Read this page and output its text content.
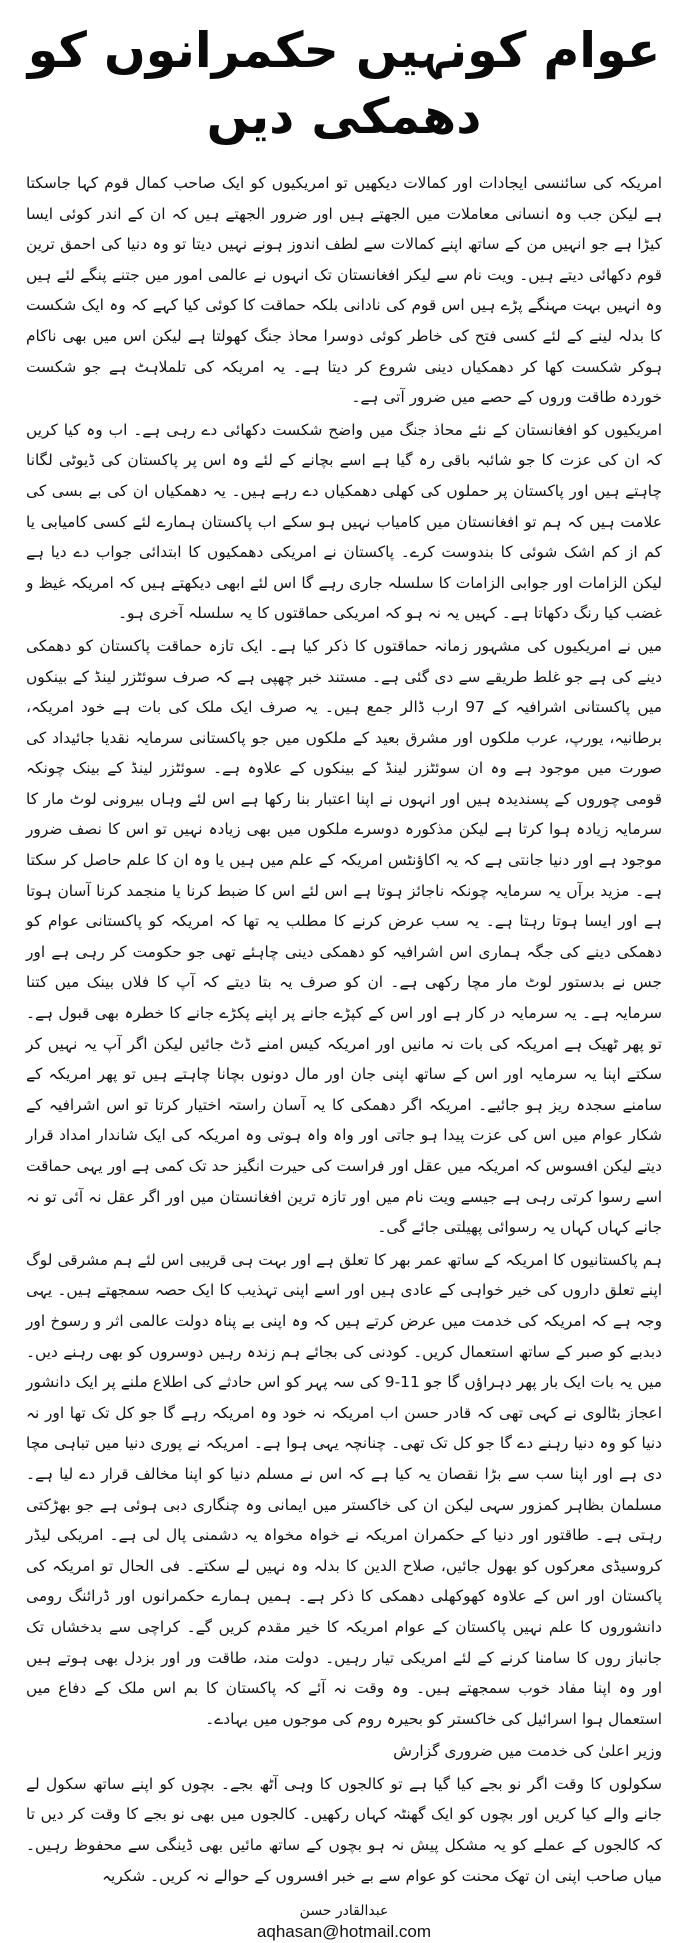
عوام کونہیں حکمرانوں کو دھمکی دیں

امریکہ کی سائنسی ایجادات اور کمالات دیکھیں تو امریکیوں کو ایک صاحب کمال قوم کہا جاسکتا ہے لیکن جب وہ انسانی معاملات میں الجھتے ہیں اور ضرور الجھتے ہیں کہ ان کے اندر کوئی ایسا کیڑا ہے جو انہیں من کے ساتھ اپنے کمالات سے لطف اندوز ہونے نہیں دیتا تو وہ دنیا کی احمق ترین قوم دکھائی دیتے ہیں۔ ویت نام سے لیکر افغانستان تک انہوں نے عالمی امور میں جتنے پنگے لئے ہیں وہ انہیں بہت مہنگے پڑے ہیں اس قوم کی نادانی بلکہ حماقت کا کوئی کیا کہے کہ وہ ایک شکست کا بدلہ لینے کے لئے کسی فتح کی خاطر کوئی دوسرا محاذ جنگ کھولتا ہے لیکن اس میں بھی ناکام ہوکر شکست کھا کر دھمکیاں دینی شروع کر دیتا ہے۔ یہ امریکہ کی تلملاہٹ ہے جو شکست خوردہ طاقت وروں کے حصے میں ضرور آتی ہے۔

امریکیوں کو افغانستان کے نئے محاذ جنگ میں واضح شکست دکھائی دے رہی ہے۔ اب وہ کیا کریں کہ ان کی عزت کا جو شائبہ باقی رہ گیا ہے اسے بچانے کے لئے وہ اس پر پاکستان کی ڈیوٹی لگانا چاہتے ہیں اور پاکستان پر حملوں کی کھلی دھمکیاں دے رہے ہیں۔ یہ دھمکیاں ان کی بے بسی کی علامت ہیں کہ ہم تو افغانستان میں کامیاب نہیں ہو سکے اب پاکستان ہمارے لئے کسی کامیابی یا کم از کم اشک شوئی کا بندوست کرے۔ پاکستان نے امریکی دھمکیوں کا ابتدائی جواب دے دیا ہے لیکن الزامات اور جوابی الزامات کا سلسلہ جاری رہے گا اس لئے ابھی دیکھتے ہیں کہ امریکہ غیظ و غضب کیا رنگ دکھاتا ہے۔ کہیں یہ نہ ہو کہ امریکی حماقتوں کا یہ سلسلہ آخری ہو۔

میں نے امریکیوں کی مشہور زمانہ حماقتوں کا ذکر کیا ہے۔ ایک تازہ حماقت پاکستان کو دھمکی دینے کی ہے جو غلط طریقے سے دی گئی ہے۔ مستند خبر چھپی ہے کہ صرف سوئٹزر لینڈ کے بینکوں میں پاکستانی اشرافیہ کے 97 ارب ڈالر جمع ہیں۔ یہ صرف ایک ملک کی بات ہے خود امریکہ، برطانیہ، یورپ، عرب ملکوں اور مشرق بعید کے ملکوں میں جو پاکستانی سرمایہ نقدیا جائیداد کی صورت میں موجود ہے وہ ان سوئٹزر لینڈ کے بینکوں کے علاوہ ہے۔ سوئٹزر لینڈ کے بینک چونکہ قومی چوروں کے پسندیدہ ہیں اور انہوں نے اپنا اعتبار بنا رکھا ہے اس لئے وہاں بیرونی لوٹ مار کا سرمایہ زیادہ ہوا کرتا ہے لیکن مذکورہ دوسرے ملکوں میں بھی زیادہ نہیں تو اس کا نصف ضرور موجود ہے اور دنیا جانتی ہے کہ یہ اکاؤنٹس امریکہ کے علم میں ہیں یا وہ ان کا علم حاصل کر سکتا ہے۔ مزید برآں یہ سرمایہ چونکہ ناجائز ہوتا ہے اس لئے اس کا ضبط کرنا یا منجمد کرنا آسان ہوتا ہے اور ایسا ہوتا رہتا ہے۔ یہ سب عرض کرنے کا مطلب یہ تھا کہ امریکہ کو پاکستانی عوام کو دھمکی دینے کی جگہ ہماری اس اشرافیہ کو دھمکی دینی چاہئے تھی جو حکومت کر رہی ہے اور جس نے بدستور لوٹ مار مچا رکھی ہے۔ ان کو صرف یہ بتا دیتے کہ آپ کا فلاں بینک میں کتنا سرمایہ ہے۔ یہ سرمایہ در کار ہے اور اس کے کپڑے جانے پر اپنے پکڑے جانے کا خطرہ بھی قبول ہے۔ تو پھر ٹھیک ہے امریکہ کی بات نہ مانیں اور امریکہ کیس امنے ڈٹ جائیں لیکن اگر آپ یہ نہیں کر سکتے اپنا یہ سرمایہ اور اس کے ساتھ اپنی جان اور مال دونوں بچانا چاہتے ہیں تو پھر امریکہ کے سامنے سجدہ ریز ہو جائیے۔ امریکہ اگر دھمکی کا یہ آسان راستہ اختیار کرتا تو اس اشرافیہ کے شکار عوام میں اس کی عزت پیدا ہو جاتی اور واہ واہ ہوتی وہ امریکہ کی ایک شاندار امداد قرار دیتے لیکن افسوس کہ امریکہ میں عقل اور فراست کی حیرت انگیز حد تک کمی ہے اور یہی حماقت اسے رسوا کرتی رہی ہے جیسے ویت نام میں اور تازہ ترین افغانستان میں اور اگر عقل نہ آئی تو نہ جانے کہاں کہاں یہ رسوائی پھیلتی جائے گی۔

ہم پاکستانیوں کا امریکہ کے ساتھ عمر بھر کا تعلق ہے اور بہت ہی قریبی اس لئے ہم مشرقی لوگ اپنے تعلق داروں کی خیر خواہی کے عادی ہیں اور اسے اپنی تہذیب کا ایک حصہ سمجھتے ہیں۔ یہی وجہ ہے کہ امریکہ کی خدمت میں عرض کرتے ہیں کہ وہ اپنی بے پناہ دولت عالمی اثر و رسوخ اور دبدبے کو صبر کے ساتھ استعمال کریں۔ کودنی کی بجائے ہم زندہ رہیں دوسروں کو بھی رہنے دیں۔ میں یہ بات ایک بار پھر دہراؤں گا جو 11-9 کی سہ پہر کو اس حادثے کی اطلاع ملنے پر ایک دانشور اعجاز بٹالوی نے کہی تھی کہ قادر حسن اب امریکہ نہ خود وہ امریکہ رہے گا جو کل تک تھا اور نہ دنیا کو وہ دنیا رہنے دے گا جو کل تک تھی۔ چنانچہ یہی ہوا ہے۔ امریکہ نے پوری دنیا میں تباہی مچا دی ہے اور اپنا سب سے بڑا نقصان یہ کیا ہے کہ اس نے مسلم دنیا کو اپنا مخالف قرار دے لیا ہے۔ مسلمان بظاہر کمزور سہی لیکن ان کی خاکستر میں ایمانی وہ چنگاری دبی ہوئی ہے جو بھڑکتی رہتی ہے۔ طاقتور اور دنیا کے حکمران امریکہ نے خواہ مخواہ یہ دشمنی پال لی ہے۔ امریکی لیڈر کروسیڈی معرکوں کو بھول جائیں، صلاح الدین کا بدلہ وہ نہیں لے سکتے۔ فی الحال تو امریکہ کی پاکستان اور اس کے علاوہ کھوکھلی دھمکی کا ذکر ہے۔ ہمیں ہمارے حکمرانوں اور ڈرائنگ رومی دانشوروں کا علم نہیں پاکستان کے عوام امریکہ کا خیر مقدم کریں گے۔ کراچی سے بدخشاں تک جانباز روں کا سامنا کرنے کے لئے امریکی تیار رہیں۔ دولت مند، طاقت ور اور بزدل بھی ہوتے ہیں اور وہ اپنا مفاد خوب سمجھتے ہیں۔ وہ وقت نہ آئے کہ پاکستان کا بم اس ملک کے دفاع میں استعمال ہوا اسرائیل کی خاکستر کو بحیرہ روم کی موجوں میں بہادے۔

وزیر اعلیٰ کی خدمت میں ضروری گزارش

سکولوں کا وقت اگر نو بجے کیا گیا ہے تو کالجوں کا وہی آٹھ بجے۔ بچوں کو اپنے ساتھ سکول لے جانے والے کیا کریں اور بچوں کو ایک گھنٹہ کہاں رکھیں۔ کالجوں میں بھی نو بجے کا وقت کر دیں تا کہ کالجوں کے عملے کو یہ مشکل پیش نہ ہو بچوں کے ساتھ مائیں بھی ڈینگی سے محفوظ رہیں۔ میاں صاحب اپنی ان تھک محنت کو عوام سے بے خبر افسروں کے حوالے نہ کریں۔ شکریہ

عبدالقادر حسن
aqhasan@hotmail.com
